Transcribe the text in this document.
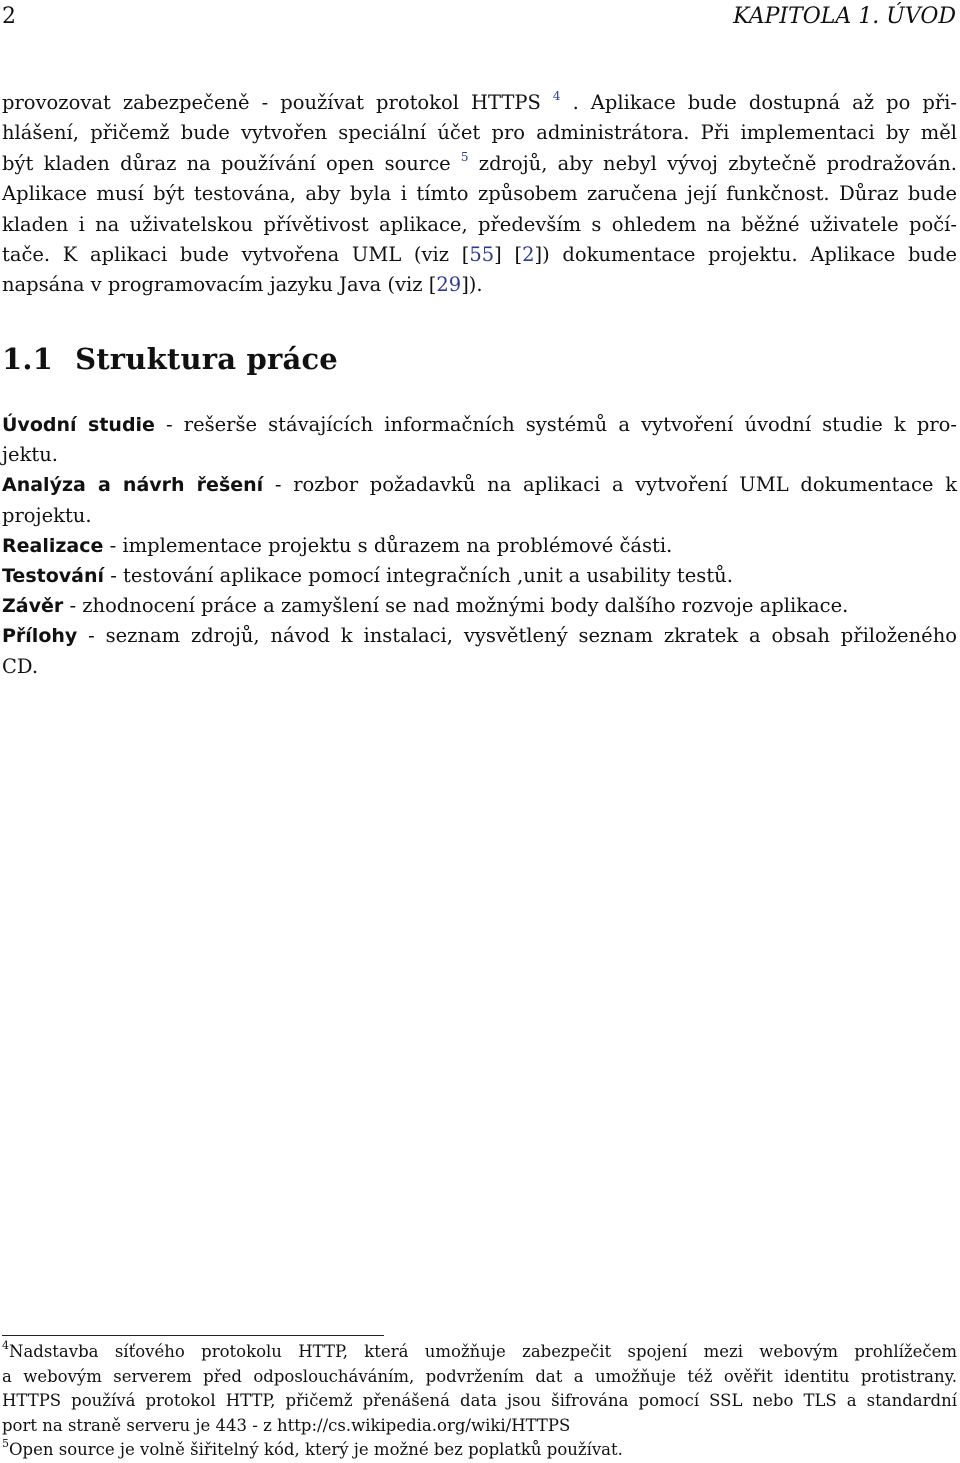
2	KAPITOLA 1. ÚVOD
provozovat zabezpečeně - používat protokol HTTPS $^4$ . Aplikace bude dostupná až po při-
hlášení, přičemž bude vytvořen speciální účet pro administrátora. Při implementaci by měl
být kladen důraz na používání open source $^5$ zdrojů, aby nebyl vývoj zbytečně prodražován.
Aplikace musí být testována, aby byla i tímto způsobem zaručena její funkčnost. Důraz bude
kladen i na uživatelskou přívětivost aplikace, především s ohledem na běžné uživatele počí-
tače. K aplikaci bude vytvořena UML (viz [55] [2]) dokumentace projektu. Aplikace bude
napsána v programovacím jazyku Java (viz [29]).
1.1 Struktura práce
Úvodní studie - rešerše stávajících informačních systémů a vytvoření úvodní studie k pro-
jektu.
Analýza a návrh řešení - rozbor požadavků na aplikaci a vytvoření UML dokumentace k
projektu.
Realizace - implementace projektu s důrazem na problémové části.
Testování - testování aplikace pomocí integračních ,unit a usability testů.
Závěr - zhodnocení práce a zamyšlení se nad možnými body dalšího rozvoje aplikace.
Přílohy - seznam zdrojů, návod k instalaci, vysvětlený seznam zkratek a obsah přiloženého
CD.
$^4$Nadstavba síťového protokolu HTTP, která umožňuje zabezpečit spojení mezi webovým prohlížečem
a webovým serverem před odposloucháváním, podvržením dat a umožňuje též ověřit identitu protistrany.
HTTPS používá protokol HTTP, přičemž přenášená data jsou šifrována pomocí SSL nebo TLS a standardní
port na straně serveru je 443 - z http://cs.wikipedia.org/wiki/HTTPS
$^5$Open source je volně šiřitelný kód, který je možné bez poplatků používat.
